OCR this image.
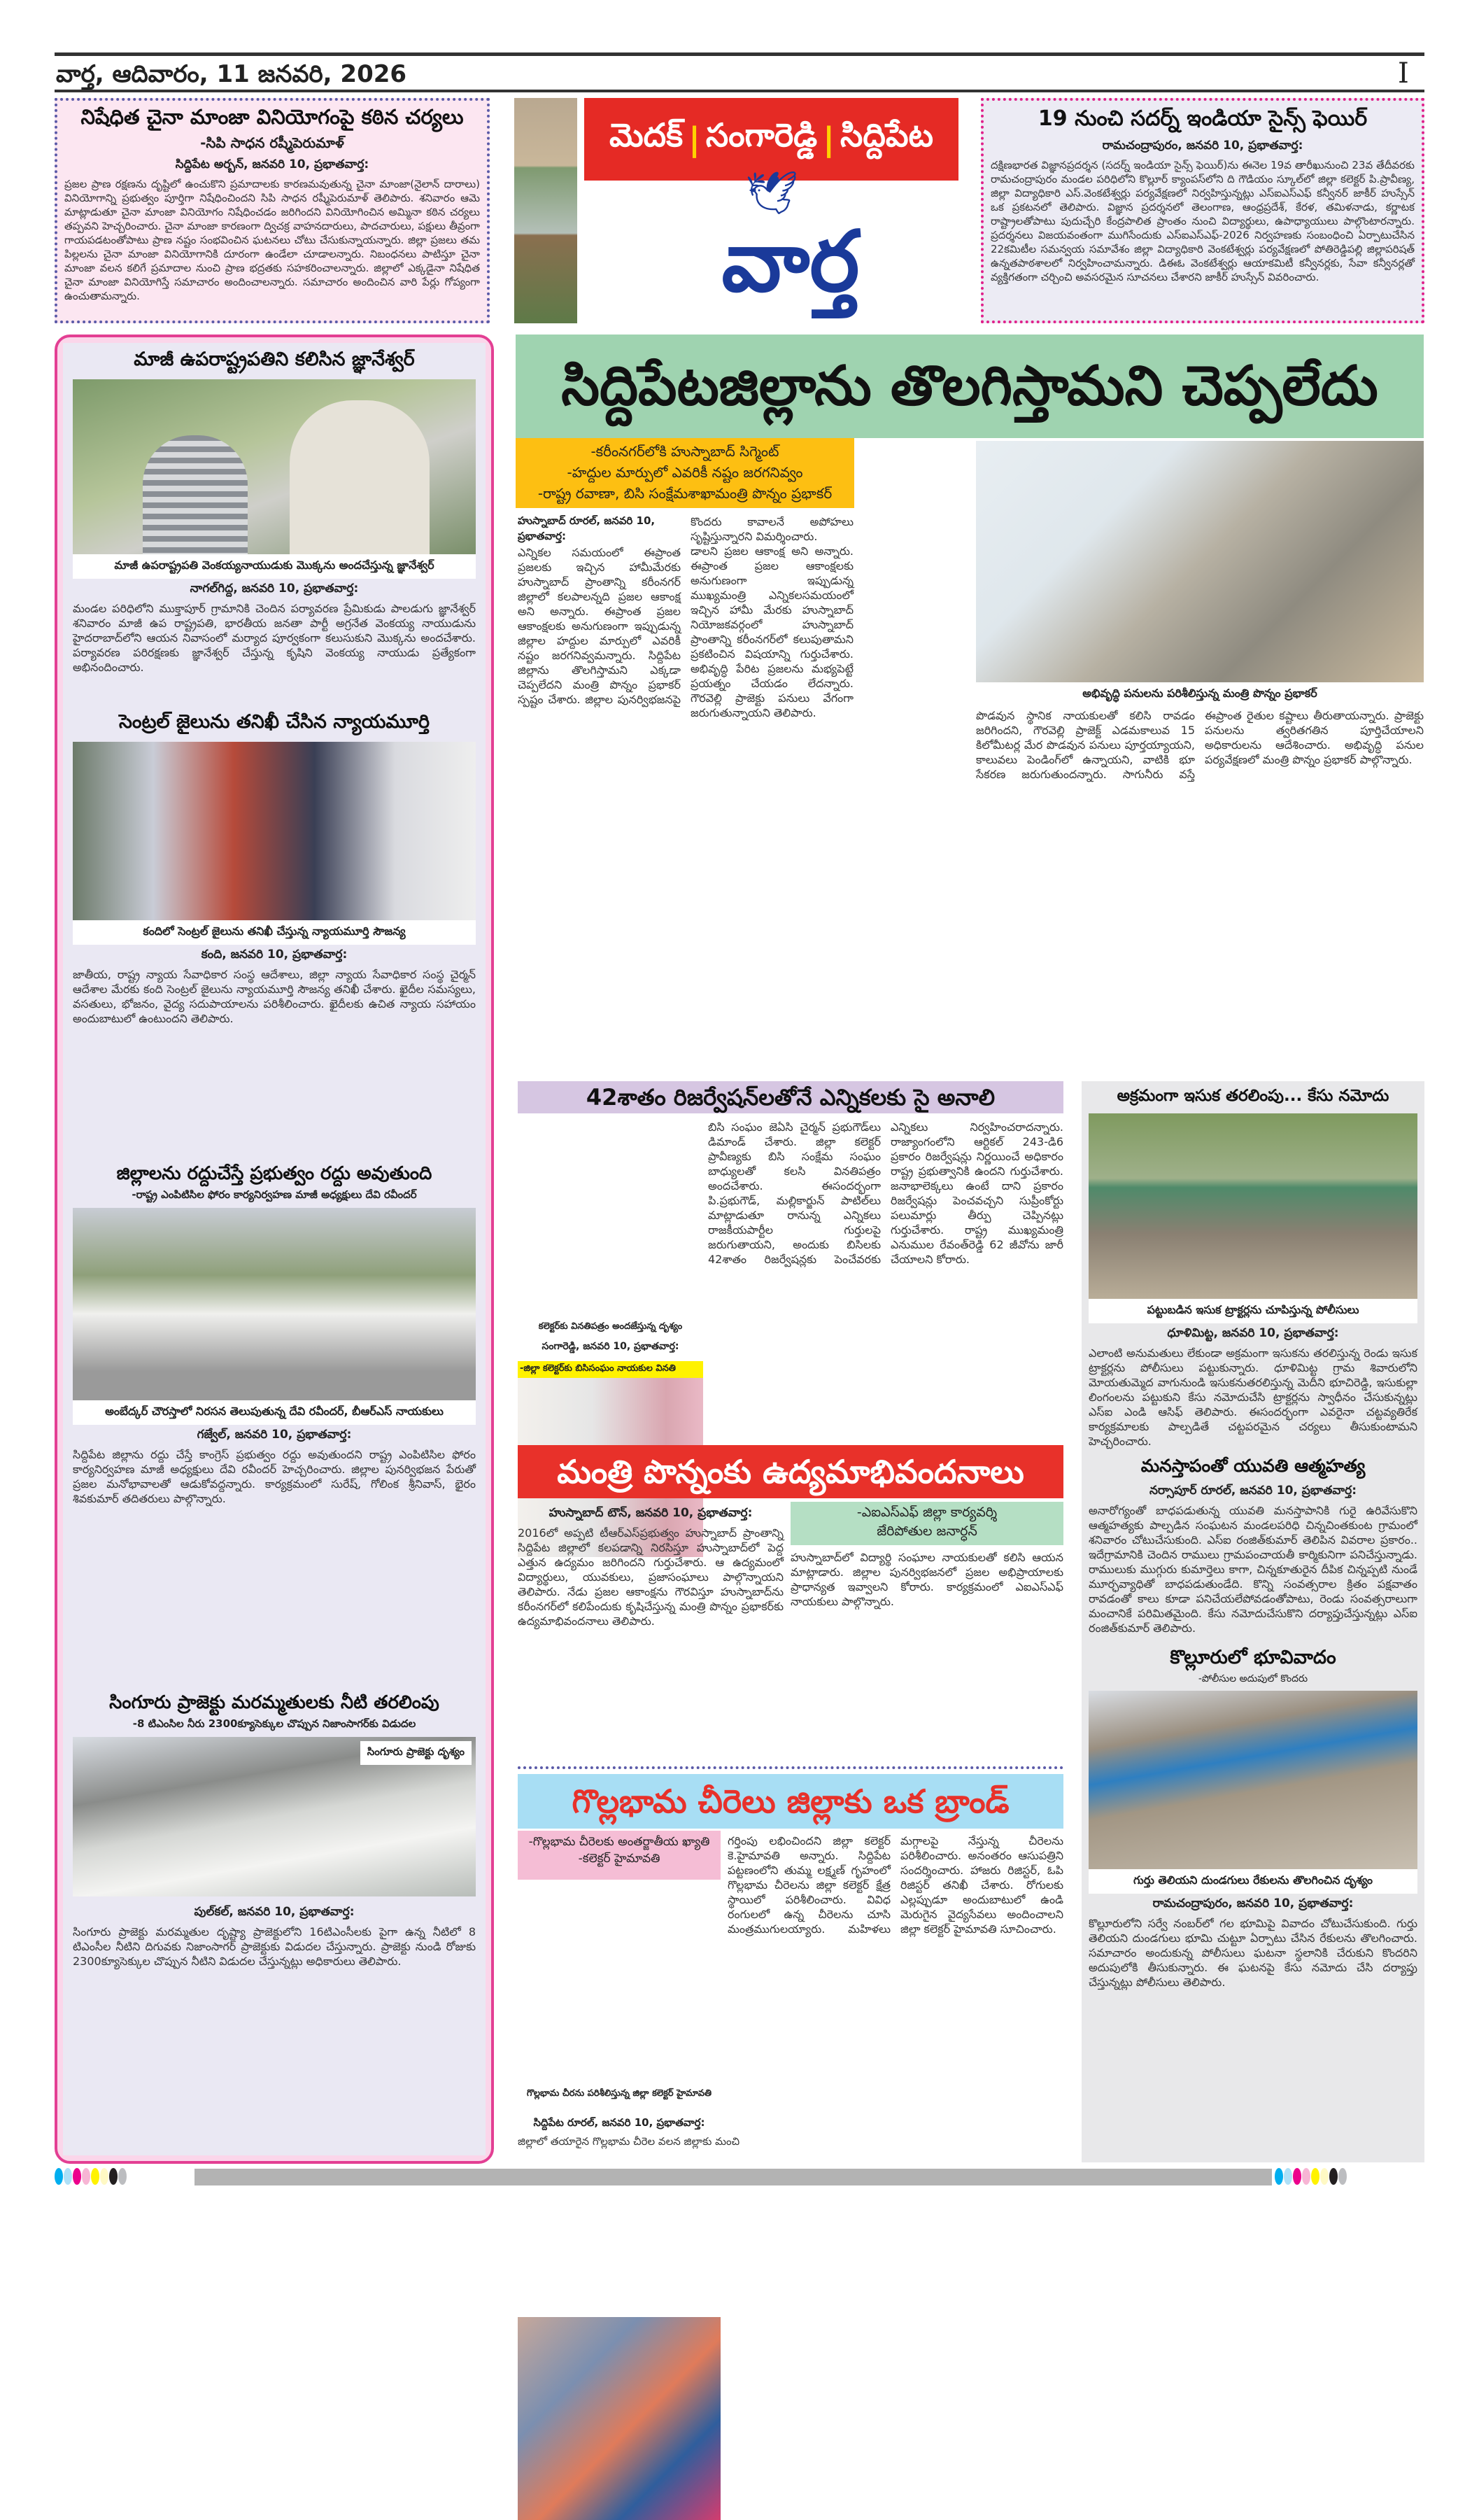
వార్త, ఆదివారం, 11 జనవరి, 2026	I
నిషేధిత చైనా మాంజా వినియోగంపై కఠిన చర్యలు
-సిపి సాధన రష్మీపెరుమాళ్
సిద్దిపేట అర్బన్, జనవరి 10, ప్రభాతవార్త:
ప్రజల ప్రాణ రక్షణను దృష్టిలో ఉంచుకొని ప్రమాదాలకు కారణమవుతున్న చైనా మాంజా(నైలాన్ దారాలు) వినియోగాన్ని ప్రభుత్వం పూర్తిగా నిషేధించిందని సిపి సాధన రష్మీపెరుమాళ్ తెలిపారు. శనివారం ఆమె మాట్లాడుతూ చైనా మాంజా వినియోగం నిషేధించడం జరిగిందని వినియోగించిన అమ్మినా కఠిన చర్యలు తప్పవని హెచ్చరించారు. చైనా మాంజా కారణంగా ద్విచక్ర వాహనదారులు, పాదచారులు, పక్షులు తీవ్రంగా గాయపడటంతోపాటు ప్రాణ నష్టం సంభవించిన ఘటనలు చోటు చేసుకున్నాయన్నారు. జిల్లా ప్రజలు తమ పిల్లలను చైనా మాంజా వినియోగానికి దూరంగా ఉండేలా చూడాలన్నారు. నిబంధనలు పాటిస్తూ చైనా మాంజా వలన కలిగే ప్రమాదాల నుంచి ప్రాణ భద్రతకు సహకరించాలన్నారు. జిల్లాలో ఎక్కడైనా నిషేధిత చైనా మాంజా వినియోగిస్తే సమాచారం అందించాలన్నారు. సమాచారం అందించిన వారి పేర్లు గోప్యంగా ఉంచుతామన్నారు.
మెదక్ | సంగారెడ్డి | సిద్దిపేట
🕊
వార్త
19 నుంచి సదర్న్ ఇండియా సైన్స్ ఫెయిర్
రామచంద్రాపురం, జనవరి 10, ప్రభాతవార్త:
దక్షిణభారత విజ్ఞానప్రదర్శన (సదర్న్ ఇండియా సైన్స్ ఫెయిర్)ను ఈనెల 19వ తారీఖునుంచి 23వ తేదీవరకు రామచంద్రాపురం మండల పరిధిలోని కొల్లూర్ క్యాంపస్‌లోని ది గౌడియం స్కూల్‌లో జిల్లా కలెక్టర్ పి.ప్రావీణ్య, జిల్లా విద్యాధికారి ఎస్.వెంకటేశ్వర్లు పర్యవేక్షణలో నిర్వహిస్తున్నట్లు ఎస్‌ఐఎస్‌ఎఫ్ కన్వీనర్ జాకీర్ హుస్సేన్ ఒక ప్రకటనలో తెలిపారు. విజ్ఞాన ప్రదర్శనలో తెలంగాణ, ఆంధ్రప్రదేశ్, కేరళ, తమిళనాడు, కర్ణాటక రాష్ట్రాలతోపాటు పుదుచ్చేరి కేంద్రపాలిత ప్రాంతం నుంచి విద్యార్థులు, ఉపాధ్యాయులు పాల్గొంటారన్నారు. ప్రదర్శనలు విజయవంతంగా ముగిసేందుకు ఎస్‌ఐఎస్‌ఎఫ్-2026 నిర్వహణకు సంబంధించి ఏర్పాటుచేసిన 22కమిటీల సమన్వయ సమావేశం జిల్లా విద్యాధికారి వెంకటేశ్వర్లు పర్యవేక్షణలో పోతిరెడ్డిపల్లి జిల్లాపరిషత్ ఉన్నతపాఠశాలలో నిర్వహించామన్నారు. డిఈఓ వెంకటేశ్వర్లు ఆయాకమిటీ కన్వీనర్లకు, సేవా కన్వీనర్లతో వ్యక్తిగతంగా చర్చించి అవసరమైన సూచనలు చేశారని జాకీర్ హుస్సేన్ వివరించారు.
మాజీ ఉపరాష్ట్రపతిని కలిసిన జ్ఞానేశ్వర్
మాజీ ఉపరాష్ట్రపతి వెంకయ్యనాయుడుకు మొక్కను అందచేస్తున్న జ్ఞానేశ్వర్
నాగల్‌గిద్ద, జనవరి 10, ప్రభాతవార్త:
మండల పరిధిలోని ముక్తాపూర్ గ్రామానికి చెందిన పర్యావరణ ప్రేమికుడు పాలడుగు జ్ఞానేశ్వర్ శనివారం మాజీ ఉప రాష్ట్రపతి, భారతీయ జనతా పార్టీ అగ్రనేత వెంకయ్య నాయుడును హైదరాబాద్‌లోని ఆయన నివాసంలో మర్యాద పూర్వకంగా కలుసుకుని మొక్కను అందచేశారు. పర్యావరణ పరిరక్షణకు జ్ఞానేశ్వర్ చేస్తున్న కృషిని వెంకయ్య నాయుడు ప్రత్యేకంగా అభినందించారు.
సెంట్రల్ జైలును తనిఖీ చేసిన న్యాయమూర్తి
కందిలో సెంట్రల్ జైలును తనిఖీ చేస్తున్న న్యాయమూర్తి సౌజన్య
కంది, జనవరి 10, ప్రభాతవార్త:
జాతీయ, రాష్ట్ర న్యాయ సేవాధికార సంస్థ ఆదేశాలు, జిల్లా న్యాయ సేవాధికార సంస్థ చైర్మన్ ఆదేశాల మేరకు కంది సెంట్రల్ జైలును న్యాయమూర్తి సౌజన్య తనిఖీ చేశారు. ఖైదీల సమస్యలు, వసతులు, భోజనం, వైద్య సదుపాయాలను పరిశీలించారు. ఖైదీలకు ఉచిత న్యాయ సహాయం అందుబాటులో ఉంటుందని తెలిపారు.
జిల్లాలను రద్దుచేస్తే ప్రభుత్వం రద్దు అవుతుంది
-రాష్ట్ర ఎంపిటిసిల ఫోరం కార్యనిర్వహణ మాజీ అధ్యక్షులు దేవి రవీందర్
అంబేద్కర్ చౌరస్తాలో నిరసన తెలుపుతున్న దేవి రవీందర్, బీఆర్ఎస్ నాయకులు
గజ్వేల్, జనవరి 10, ప్రభాతవార్త:
సిద్దిపేట జిల్లాను రద్దు చేస్తే కాంగ్రెస్ ప్రభుత్వం రద్దు అవుతుందని రాష్ట్ర ఎంపిటిసిల ఫోరం కార్యనిర్వహణ మాజీ అధ్యక్షులు దేవి రవీందర్ హెచ్చరించారు. జిల్లాల పునర్విభజన పేరుతో ప్రజల మనోభావాలతో ఆడుకోవద్దన్నారు. కార్యక్రమంలో సురేష్, గోలింక శ్రీనివాస్, భైరం శివకుమార్ తదితరులు పాల్గొన్నారు.
సింగూరు ప్రాజెక్టు మరమ్మతులకు నీటి తరలింపు
-8 టిఎంసిల నీరు 2300క్యూసెక్కుల చొప్పున నిజాంసాగర్‌కు విడుదల
సింగూరు ప్రాజెక్టు దృశ్యం
పుల్‌కల్, జనవరి 10, ప్రభాతవార్త:
సింగూరు ప్రాజెక్టు మరమ్మతుల దృష్ట్యా ప్రాజెక్టులోని 16టిఎంసీలకు పైగా ఉన్న నీటిలో 8 టిఎంసీల నీటిని దిగువకు నిజాంసాగర్ ప్రాజెక్టుకు విడుదల చేస్తున్నారు. ప్రాజెక్టు నుండి రోజుకు 2300క్యూసెక్కుల చొప్పున నీటిని విడుదల చేస్తున్నట్లు అధికారులు తెలిపారు.
సిద్దిపేటజిల్లాను తొలగిస్తామని చెప్పలేదు
-కరీంనగర్‌లోకి హుస్నాబాద్ సిగ్మెంట్
-హద్దుల మార్పులో ఎవరికీ నష్టం జరగనివ్వం
-రాష్ట్ర రవాణా, బిసి సంక్షేమశాఖామంత్రి పొన్నం ప్రభాకర్
అభివృద్ధి పనులను పరిశీలిస్తున్న మంత్రి పొన్నం ప్రభాకర్
హుస్నాబాద్ రూరల్, జనవరి 10, ప్రభాతవార్త:
ఎన్నికల సమయంలో ఈప్రాంత ప్రజలకు ఇచ్చిన హామీమేరకు హుస్నాబాద్ ప్రాంతాన్ని కరీంనగర్ జిల్లాలో కలపాలన్నది ప్రజల ఆకాంక్ష అని అన్నారు. ఈప్రాంత ప్రజల ఆకాంక్షలకు అనుగుణంగా ఇప్పుడున్న జిల్లాల హద్దుల మార్పులో ఎవరికీ నష్టం జరగనివ్వమన్నారు. సిద్దిపేట జిల్లాను తొలగిస్తామని ఎక్కడా చెప్పలేదని మంత్రి పొన్నం ప్రభాకర్ స్పష్టం చేశారు. జిల్లాల పునర్విభజనపై కొందరు కావాలనే అపోహలు సృష్టిస్తున్నారని విమర్శించారు.
డాలని ప్రజల ఆకాంక్ష అని అన్నారు. ఈప్రాంత ప్రజల ఆకాంక్షలకు అనుగుణంగా ఇప్పుడున్న ముఖ్యమంత్రి ఎన్నికలసమయంలో ఇచ్చిన హామీ మేరకు హుస్నాబాద్ నియోజకవర్గంలో హుస్నాబాద్ ప్రాంతాన్ని కరీంనగర్‌లో కలుపుతామని ప్రకటించిన విషయాన్ని గుర్తుచేశారు. అభివృద్ధి పేరిట ప్రజలను మభ్యపెట్టే ప్రయత్నం చేయడం లేదన్నారు. గౌరవెల్లి ప్రాజెక్టు పనులు వేగంగా జరుగుతున్నాయని తెలిపారు.	పొడవున స్థానిక నాయకులతో కలిసి రావడం జరిగిందని, గౌరవెల్లి ప్రాజెక్ట్ ఎడమకాలువ 15 కిలోమీటర్ల మేర పొడవున పనులు పూర్తయ్యాయని, కాలువలు పెండింగ్‌లో ఉన్నాయని, వాటికి భూ సేకరణ జరుగుతుందన్నారు. సాగునీరు వస్తే ఈప్రాంత రైతుల కష్టాలు తీరుతాయన్నారు. ప్రాజెక్టు పనులను త్వరితగతిన పూర్తిచేయాలని అధికారులను ఆదేశించారు. అభివృద్ధి పనుల పర్యవేక్షణలో మంత్రి పొన్నం ప్రభాకర్ పాల్గొన్నారు.
42శాతం రిజర్వేషన్‌లతోనే ఎన్నికలకు సై అనాలి
-జిల్లా కలెక్టర్‌కు బిసిసంఘం నాయకుల వినతి
కలెక్టర్‌కు వినతిపత్రం అందజేస్తున్న దృశ్యం
సంగారెడ్డి, జనవరి 10, ప్రభాతవార్త:
బిసి సంఘం జెఏసి చైర్మన్ ప్రభుగౌడ్‌లు డిమాండ్ చేశారు. జిల్లా కలెక్టర్ ప్రావీణ్యకు బిసి సంక్షేమ సంఘం బాధ్యులతో కలసి వినతిపత్రం అందచేశారు. ఈసందర్భంగా పి.ప్రభుగౌడ్, మల్లికార్జున్ పాటిల్‌లు మాట్లాడుతూ రానున్న ఎన్నికలు రాజకీయపార్టీల గుర్తులపై జరుగుతాయని, అందుకు బిసిలకు 42శాతం రిజర్వేషన్లకు పెంచేవరకు ఎన్నికలు నిర్వహించరాదన్నారు. రాజ్యాంగంలోని ఆర్టికల్ 243-డి6 ప్రకారం రిజర్వేషన్లు నిర్ణయించే అధికారం రాష్ట్ర ప్రభుత్వానికి ఉందని గుర్తుచేశారు. జనాభాలెక్కలు ఉంటే దాని ప్రకారం రిజర్వేషన్లు పెంచవచ్చని సుప్రీంకోర్టు పలుమార్లు తీర్పు చెప్పినట్లు గుర్తుచేశారు. రాష్ట్ర ముఖ్యమంత్రి ఎనుముల రేవంత్‌రెడ్డి 62 జీవోను జారీ చేయాలని కోరారు.
మంత్రి పొన్నంకు ఉద్యమాభివందనాలు
హుస్నాబాద్ టౌన్, జనవరి 10, ప్రభాతవార్త:
2016లో అప్పటి టీఆర్‌ఎస్‌ప్రభుత్వం హుస్నాబాద్ ప్రాంతాన్ని సిద్దిపేట జిల్లాలో కలపడాన్ని నిరసిస్తూ హుస్నాబాద్‌లో పెద్ద ఎత్తున ఉద్యమం జరిగిందని గుర్తుచేశారు. ఆ ఉద్యమంలో విద్యార్థులు, యువకులు, ప్రజాసంఘాలు పాల్గొన్నాయని తెలిపారు. నేడు ప్రజల ఆకాంక్షను గౌరవిస్తూ హుస్నాబాద్‌ను కరీంనగర్‌లో కలిపేందుకు కృషిచేస్తున్న మంత్రి పొన్నం ప్రభాకర్‌కు ఉద్యమాభివందనాలు తెలిపారు.
-ఎఐఎస్‌ఎఫ్ జిల్లా కార్యవర్శి
జేరిపోతుల జనార్ధన్
హుస్నాబాద్‌లో విద్యార్థి సంఘాల నాయకులతో కలిసి ఆయన మాట్లాడారు. జిల్లాల పునర్విభజనలో ప్రజల అభిప్రాయాలకు ప్రాధాన్యత ఇవ్వాలని కోరారు. కార్యక్రమంలో ఎఐఎస్‌ఎఫ్ నాయకులు పాల్గొన్నారు.
గొల్లభామ చీరెలు జిల్లాకు ఒక బ్రాండ్
-గొల్లభామ చీరెలకు అంతర్జాతీయ ఖ్యాతి
-కలెక్టర్ హైమావతి
గొల్లభామ చీరను పరిశీలిస్తున్న జిల్లా కలెక్టర్ హైమావతి
సిద్దిపేట రూరల్, జనవరి 10, ప్రభాతవార్త:
జిల్లాలో తయారైన గొల్లభామ చీరెల వలన జిల్లాకు మంచి
గర్తింపు లభించిందని జిల్లా కలెక్టర్ కె.హైమావతి అన్నారు. సిద్దిపేట పట్టణంలోని తుమ్మ లక్ష్మణ్ గృహంలో గొల్లభామ చీరెలను జిల్లా కలెక్టర్ క్షేత్ర స్థాయిలో పరిశీలించారు. వివిధ రంగులలో ఉన్న చీరెలను చూసి మంత్రముగులయ్యారు. మహిళలు మగ్గాలపై నేస్తున్న చీరెలను పరిశీలించారు. అనంతరం ఆసుపత్రిని సందర్శించారు. హాజరు రిజిస్టర్, ఓపి రిజిస్టర్ తనిఖీ చేశారు. రోగులకు ఎల్లప్పుడూ అందుబాటులో ఉండి మెరుగైన వైద్యసేవలు అందించాలని జిల్లా కలెక్టర్ హైమావతి సూచించారు.
అక్రమంగా ఇసుక తరలింపు... కేసు నమోదు
పట్టుబడిన ఇసుక ట్రాక్టర్లను చూపిస్తున్న పోలీసులు
ధూళిమిట్ట, జనవరి 10, ప్రభాతవార్త:
ఎలాంటి అనుమతులు లేకుండా అక్రమంగా ఇసుకను తరలిస్తున్న రెండు ఇసుక ట్రాక్టర్లను పోలీసులు పట్టుకున్నారు. ధూళిమిట్ట గ్రామ శివారులోని మోయతుమ్మెద వాగునుండి ఇసుకనుతరలిస్తున్న మెదీని భూచిరెడ్డి, ఇసుకుల్లా లింగంలను పట్టుకుని కేసు నమోదుచేసి ట్రాక్టర్లను స్వాధీనం చేసుకున్నట్లు ఎస్ఐ ఎండి ఆసిఫ్ తెలిపారు. ఈసందర్భంగా ఎవరైనా చట్టవ్యతిరేక కార్యక్రమాలకు పాల్పడితే చట్టపరమైన చర్యలు తీసుకుంటామని హెచ్చరించారు.
మనస్తాపంతో యువతి ఆత్మహత్య
నర్సాపూర్ రూరల్, జనవరి 10, ప్రభాతవార్త:
అనారోగ్యంతో బాధపడుతున్న యువతి మనస్తాపానికి గురై ఉరివేసుకొని ఆత్మహత్యకు పాల్పడిన సంఘటన మండలపరిధి చిన్నచింతకుంట గ్రామంలో శనివారం చోటుచేసుకుంది. ఎస్ఐ రంజిత్‌కుమార్ తెలిపిన వివరాల ప్రకారం.. ఇదేగ్రామానికి చెందిన రాములు గ్రామపంచాయతీ కార్మికునిగా పనిచేస్తున్నాడు. రాములుకు ముగ్గురు కుమార్తెలు కాగా, చిన్నకూతురైన దీపిక చిన్నప్పటి నుండే మూర్ఛవ్యాధితో బాధపడుతుండేది. కొన్ని సంవత్సరాల క్రితం పక్షవాతం రావడంతో కాలు కూడా పనిచేయలేపోవడంతోపాటు, రెండు సంవత్సరాలుగా మంచానికే పరిమితమైంది. కేసు నమోదుచేసుకొని దర్యాప్తుచేస్తున్నట్లు ఎస్ఐ రంజిత్‌కుమార్ తెలిపారు.
కొల్లూరులో భూవివాదం
-పోలీసుల అదుపులో కొందరు
గుర్తు తెలియని దుండగులు రేకులను తొలగించిన దృశ్యం
రామచంద్రాపురం, జనవరి 10, ప్రభాతవార్త:
కొల్లూరులోని సర్వే నంబర్‌లో గల భూమిపై వివాదం చోటుచేసుకుంది. గుర్తు తెలియని దుండగులు భూమి చుట్టూ ఏర్పాటు చేసిన రేకులను తొలగించారు. సమాచారం అందుకున్న పోలీసులు ఘటనా స్థలానికి చేరుకుని కొందరిని అదుపులోకి తీసుకున్నారు. ఈ ఘటనపై కేసు నమోదు చేసి దర్యాప్తు చేస్తున్నట్లు పోలీసులు తెలిపారు.
